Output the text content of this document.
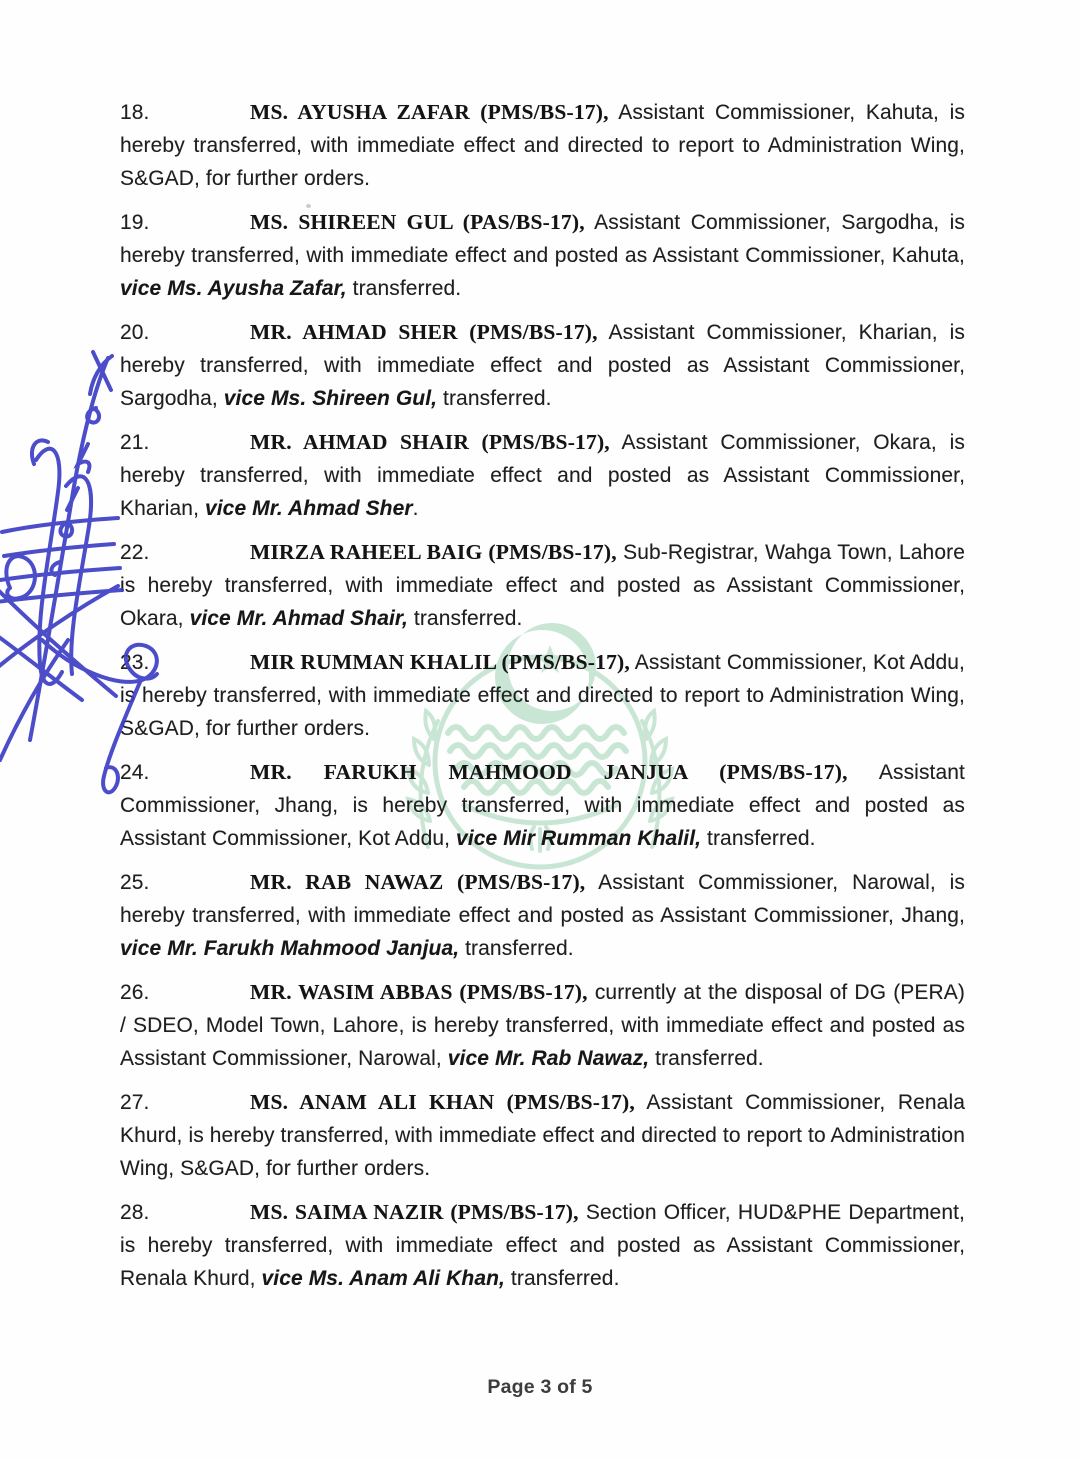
18.	MS. AYUSHA ZAFAR (PMS/BS-17), Assistant Commissioner, Kahuta, is hereby transferred, with immediate effect and directed to report to Administration Wing, S&GAD, for further orders.

19.	MS. SHIREEN GUL (PAS/BS-17), Assistant Commissioner, Sargodha, is hereby transferred, with immediate effect and posted as Assistant Commissioner, Kahuta, vice Ms. Ayusha Zafar, transferred.

20.	MR. AHMAD SHER (PMS/BS-17), Assistant Commissioner, Kharian, is hereby transferred, with immediate effect and posted as Assistant Commissioner, Sargodha, vice Ms. Shireen Gul, transferred.

21.	MR. AHMAD SHAIR (PMS/BS-17), Assistant Commissioner, Okara, is hereby transferred, with immediate effect and posted as Assistant Commissioner, Kharian, vice Mr. Ahmad Sher.

22.	MIRZA RAHEEL BAIG (PMS/BS-17), Sub-Registrar, Wahga Town, Lahore is hereby transferred, with immediate effect and posted as Assistant Commissioner, Okara, vice Mr. Ahmad Shair, transferred.

23.	MIR RUMMAN KHALIL (PMS/BS-17), Assistant Commissioner, Kot Addu, is hereby transferred, with immediate effect and directed to report to Administration Wing, S&GAD, for further orders.

24.	MR. FARUKH MAHMOOD JANJUA (PMS/BS-17), Assistant Commissioner, Jhang, is hereby transferred, with immediate effect and posted as Assistant Commissioner, Kot Addu, vice Mir Rumman Khalil, transferred.

25.	MR. RAB NAWAZ (PMS/BS-17), Assistant Commissioner, Narowal, is hereby transferred, with immediate effect and posted as Assistant Commissioner, Jhang, vice Mr. Farukh Mahmood Janjua, transferred.

26.	MR. WASIM ABBAS (PMS/BS-17), currently at the disposal of DG (PERA) / SDEO, Model Town, Lahore, is hereby transferred, with immediate effect and posted as Assistant Commissioner, Narowal, vice Mr. Rab Nawaz, transferred.

27.	MS. ANAM ALI KHAN (PMS/BS-17), Assistant Commissioner, Renala Khurd, is hereby transferred, with immediate effect and directed to report to Administration Wing, S&GAD, for further orders.

28.	MS. SAIMA NAZIR (PMS/BS-17), Section Officer, HUD&PHE Department, is hereby transferred, with immediate effect and posted as Assistant Commissioner, Renala Khurd, vice Ms. Anam Ali Khan, transferred.

Page 3 of 5
